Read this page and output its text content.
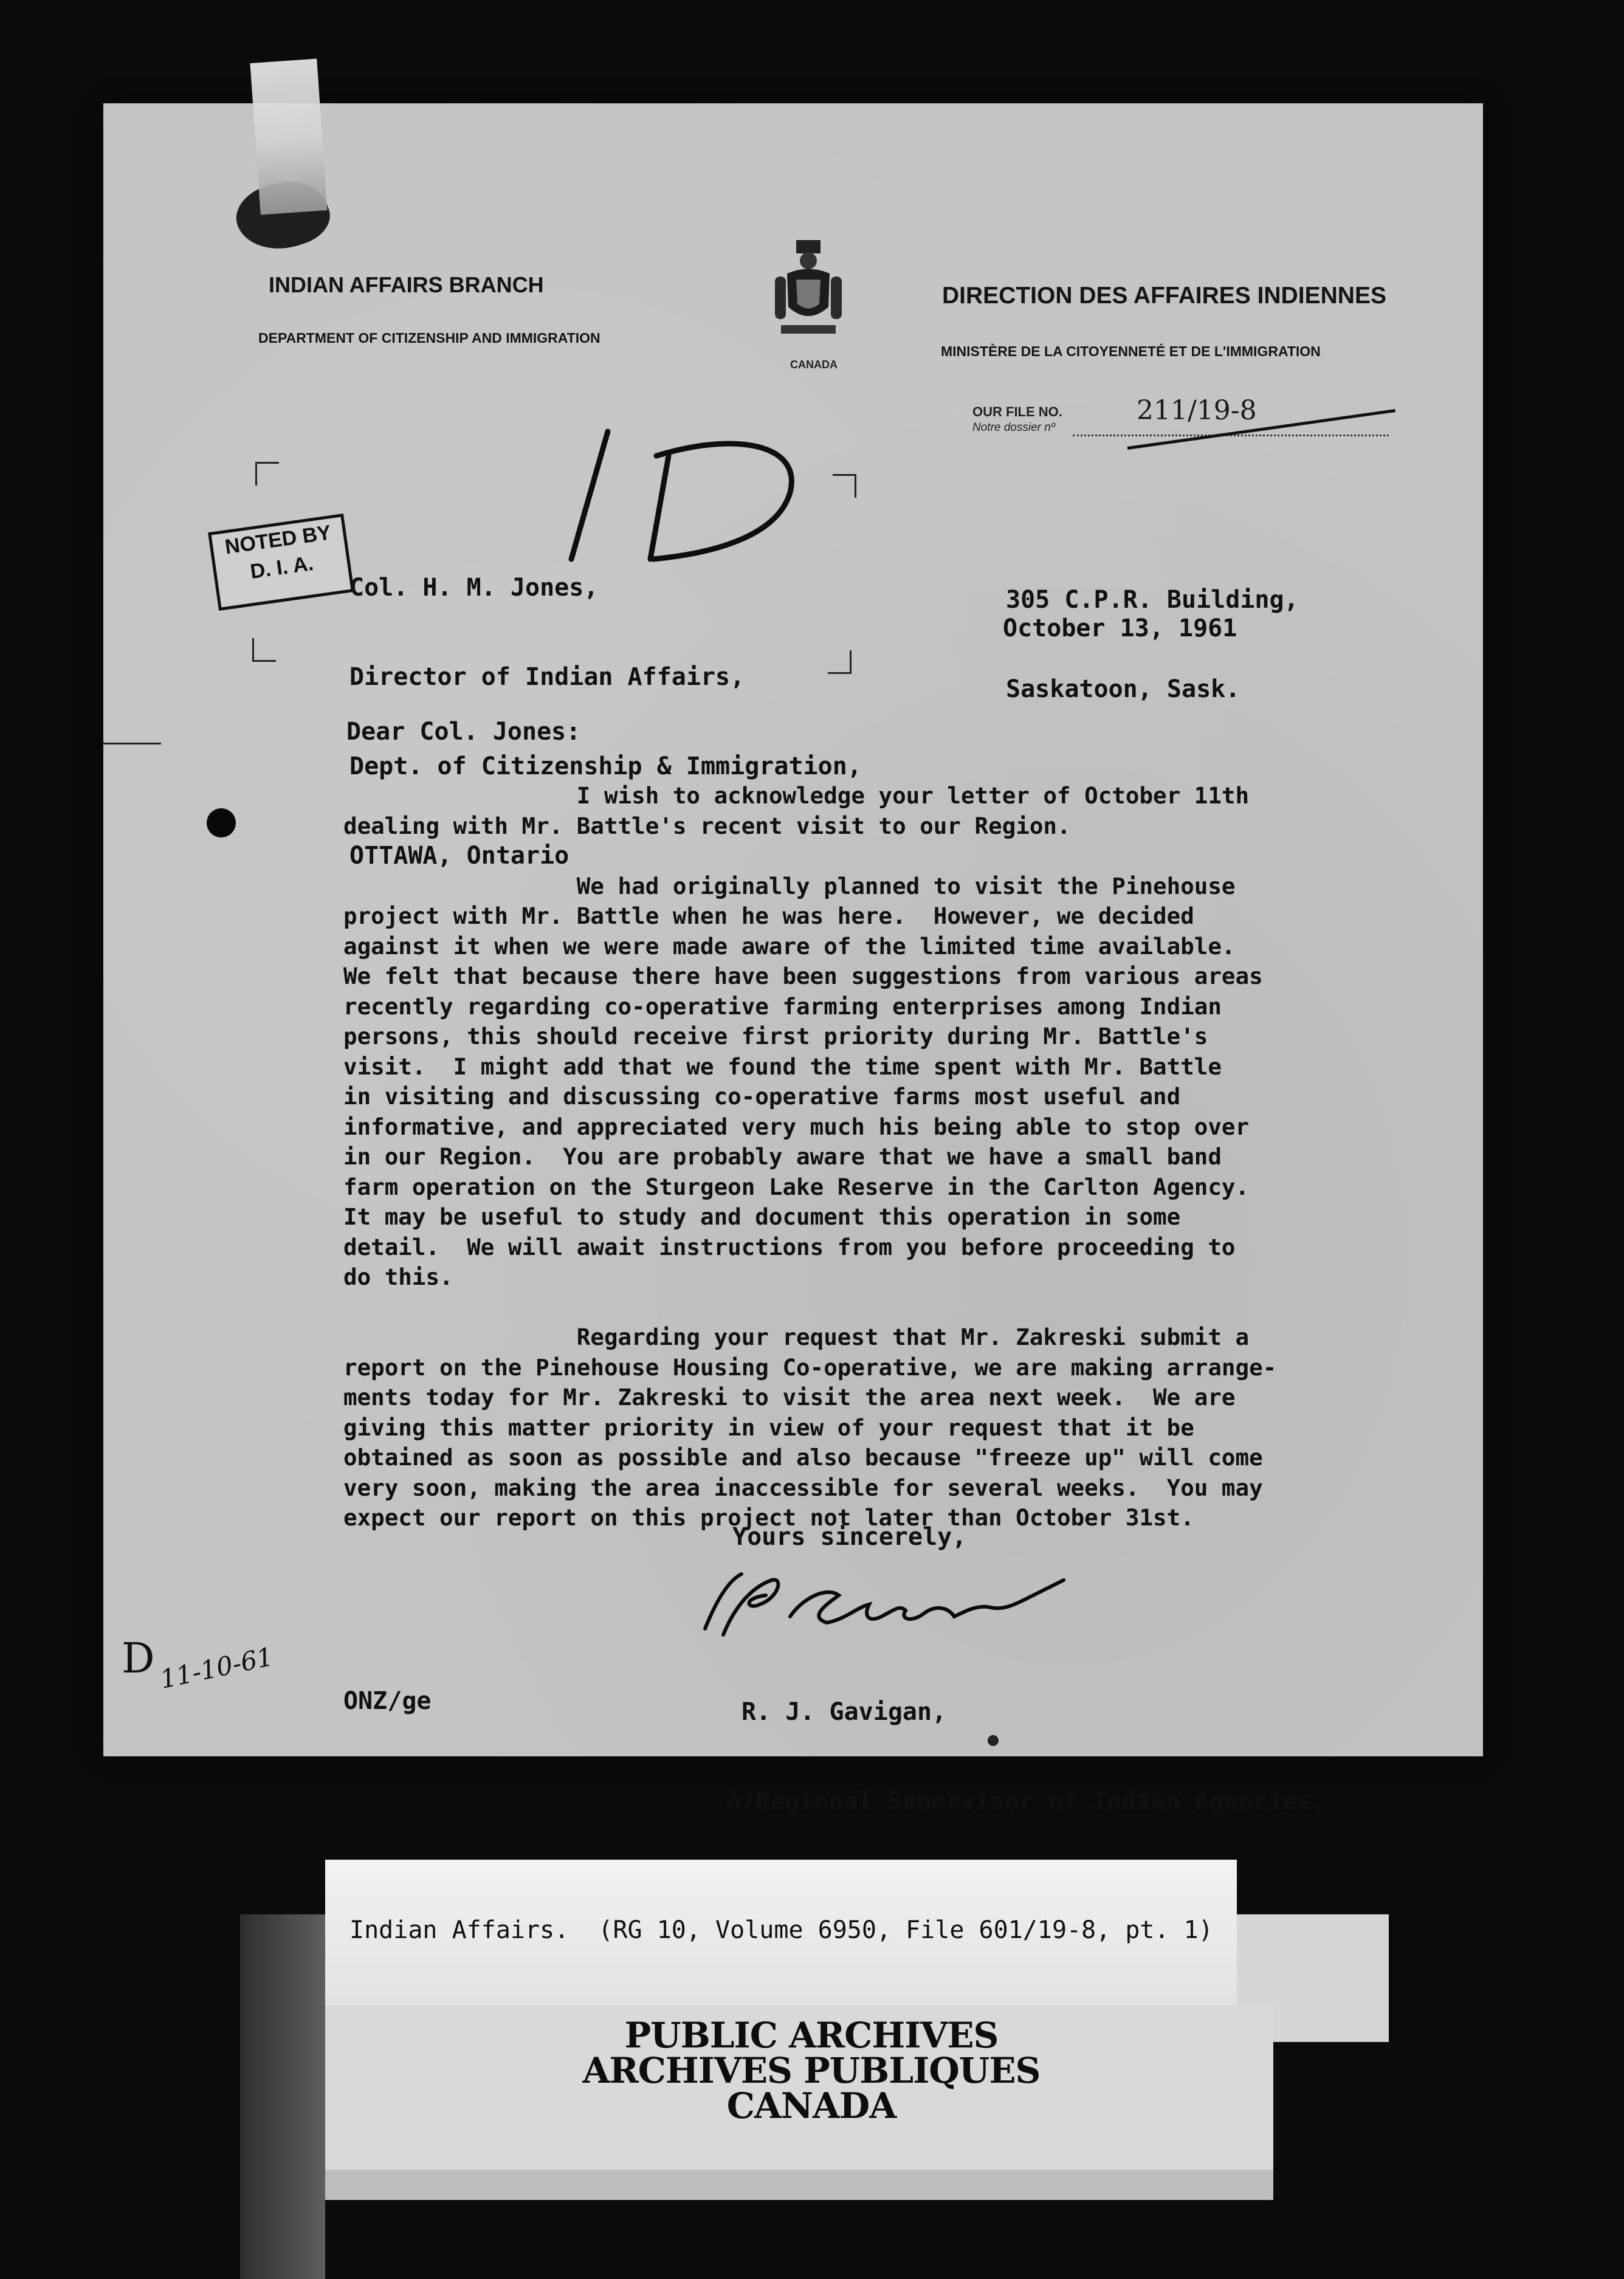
INDIAN AFFAIRS BRANCH
DEPARTMENT OF CITIZENSHIP AND IMMIGRATION
CANADA
DIRECTION DES AFFAIRES INDIENNES
MINISTÈRE DE LA CITOYENNETÉ ET DE L'IMMIGRATION
OUR FILE NO.
Notre dossier nº
211/19-8
NOTED BY
D. I. A.

Col. H. M. Jones,

Director of Indian Affairs,

Dept. of Citizenship & Immigration,

OTTAWA, Ontario

305 C.P.R. Building,

Saskatoon, Sask.

October 13, 1961
Dear Col. Jones:
I wish to acknowledge your letter of October 11th
dealing with Mr. Battle's recent visit to our Region.

We had originally planned to visit the Pinehouse
project with Mr. Battle when he was here.  However, we decided
against it when we were made aware of the limited time available.
We felt that because there have been suggestions from various areas
recently regarding co-operative farming enterprises among Indian
persons, this should receive first priority during Mr. Battle's
visit.  I might add that we found the time spent with Mr. Battle
in visiting and discussing co-operative farms most useful and
informative, and appreciated very much his being able to stop over
in our Region.  You are probably aware that we have a small band
farm operation on the Sturgeon Lake Reserve in the Carlton Agency.
It may be useful to study and document this operation in some
detail.  We will await instructions from you before proceeding to
do this.

Regarding your request that Mr. Zakreski submit a
report on the Pinehouse Housing Co-operative, we are making arrange-
ments today for Mr. Zakreski to visit the area next week.  We are
giving this matter priority in view of your request that it be
obtained as soon as possible and also because "freeze up" will come
very soon, making the area inaccessible for several weeks.  You may
expect our report on this project not later than October 31st.
Yours sincerely,

R. J. Gavigan,

A/Regional Supervisor of Indian Agencies,

ONZ/ge
D 11-10-61
Indian Affairs.  (RG 10, Volume 6950, File 601/19-8, pt. 1)
PUBLIC ARCHIVES
ARCHIVES PUBLIQUES
CANADA
